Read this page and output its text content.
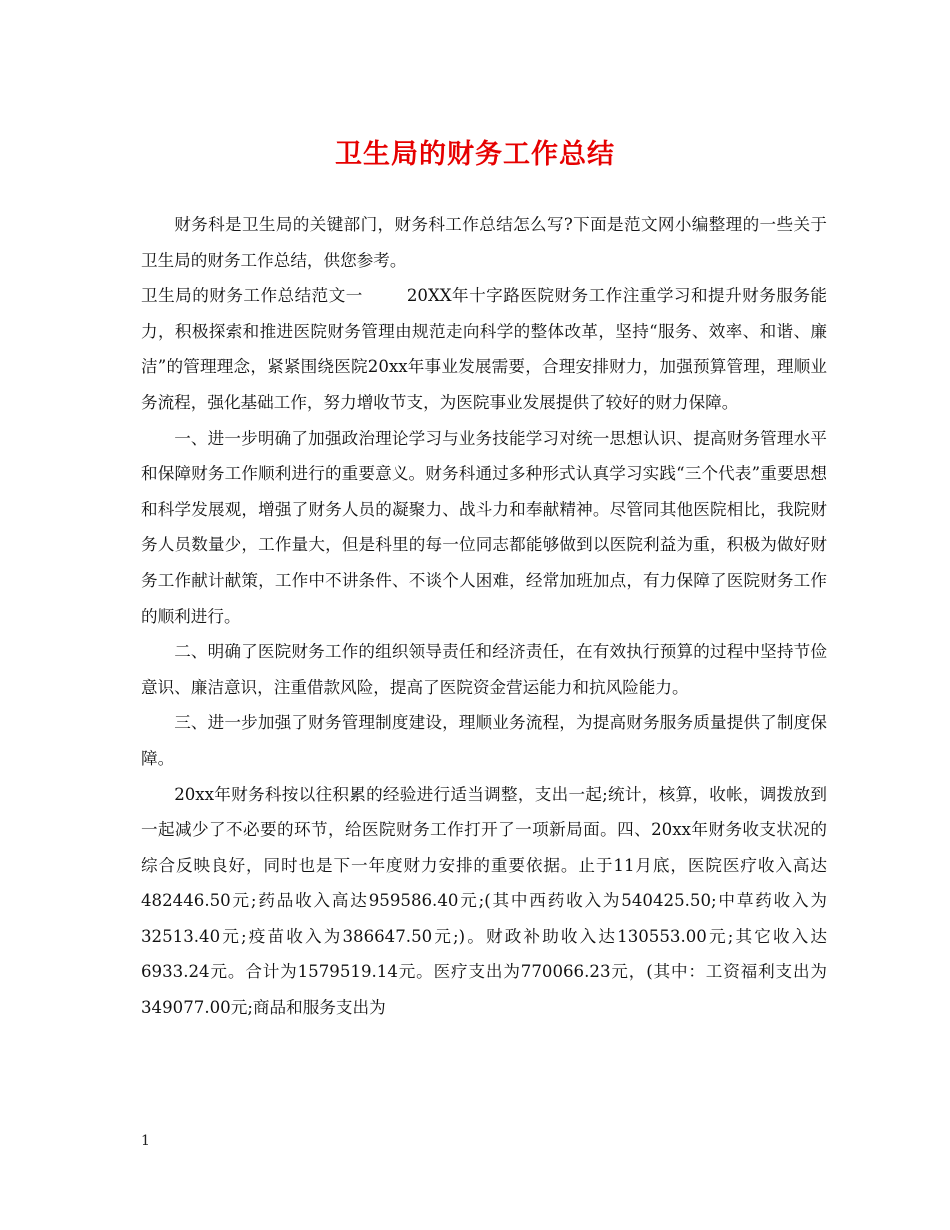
卫生局的财务工作总结

财务科是卫生局的关键部门，财务科工作总结怎么写?下面是范文网小编整理的一些关于卫生局的财务工作总结，供您参考。

卫生局的财务工作总结范文一	20XX年十字路医院财务工作注重学习和提升财务服务能力，积极探索和推进医院财务管理由规范走向科学的整体改革，坚持“服务、效率、和谐、廉洁”的管理理念，紧紧围绕医院20xx年事业发展需要，合理安排财力，加强预算管理，理顺业务流程，强化基础工作，努力增收节支，为医院事业发展提供了较好的财力保障。

一、进一步明确了加强政治理论学习与业务技能学习对统一思想认识、提高财务管理水平和保障财务工作顺利进行的重要意义。财务科通过多种形式认真学习实践“三个代表”重要思想和科学发展观，增强了财务人员的凝聚力、战斗力和奉献精神。尽管同其他医院相比，我院财务人员数量少，工作量大，但是科里的每一位同志都能够做到以医院利益为重，积极为做好财务工作献计献策，工作中不讲条件、不谈个人困难，经常加班加点，有力保障了医院财务工作的顺利进行。

二、明确了医院财务工作的组织领导责任和经济责任，在有效执行预算的过程中坚持节俭意识、廉洁意识，注重借款风险，提高了医院资金营运能力和抗风险能力。

三、进一步加强了财务管理制度建设，理顺业务流程，为提高财务服务质量提供了制度保障。

20xx年财务科按以往积累的经验进行适当调整，支出一起;统计，核算，收帐，调拨放到一起减少了不必要的环节，给医院财务工作打开了一项新局面。四、20xx年财务收支状况的综合反映良好，同时也是下一年度财力安排的重要依据。止于11月底，医院医疗收入高达482446.50元;药品收入高达959586.40元;(其中西药收入为540425.50;中草药收入为32513.40元;疫苗收入为386647.50元;)。财政补助收入达130553.00元;其它收入达6933.24元。合计为1579519.14元。医疗支出为770066.23元，(其中：工资福利支出为349077.00元;商品和服务支出为

1
